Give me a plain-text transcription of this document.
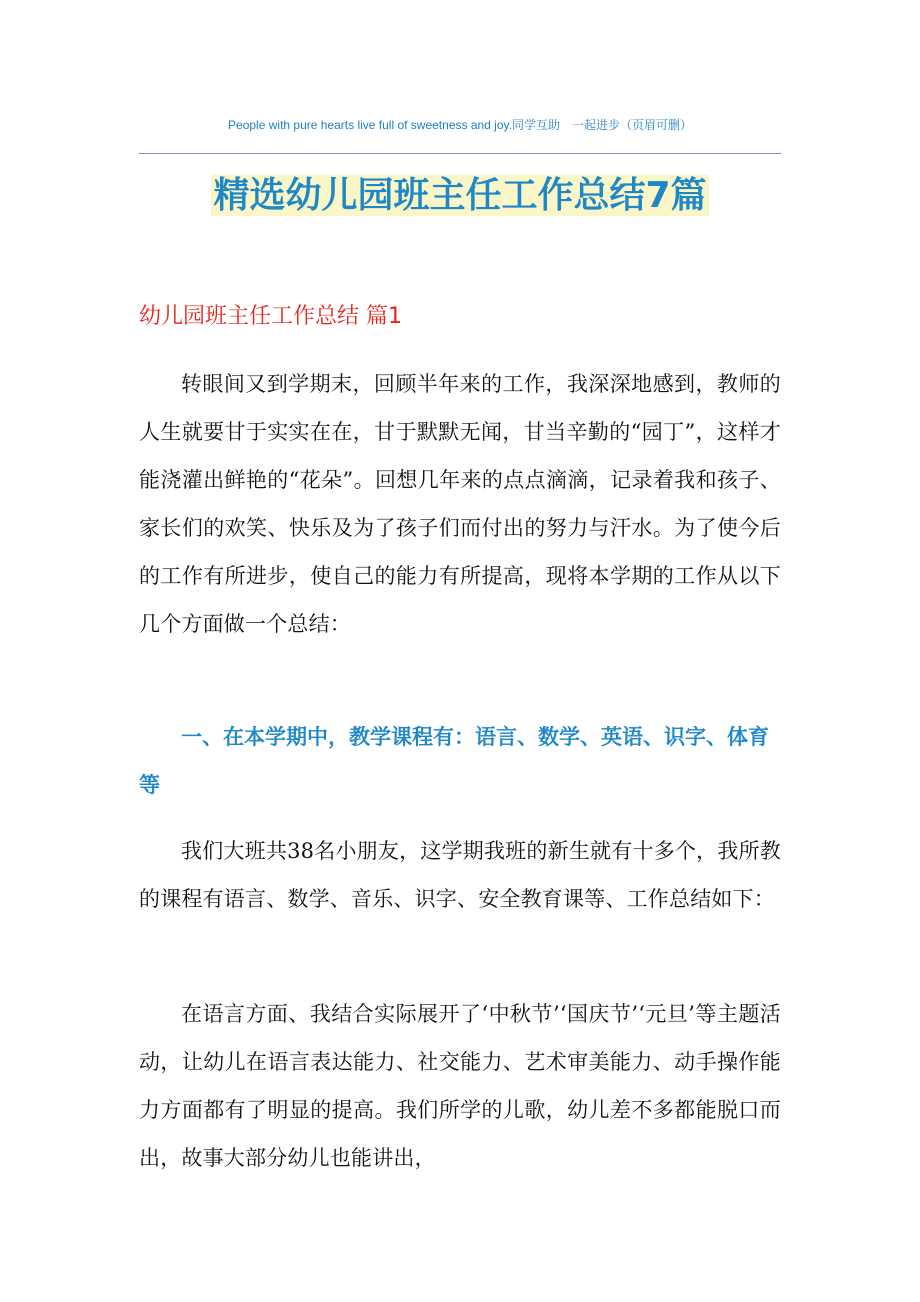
People with pure hearts live full of sweetness and joy.同学互助　一起进步（页眉可删）
精选幼儿园班主任工作总结7篇
幼儿园班主任工作总结 篇1

转眼间又到学期末，回顾半年来的工作，我深深地感到，教师的人生就要甘于实实在在，甘于默默无闻，甘当辛勤的“园丁”，这样才能浇灌出鲜艳的“花朵”。回想几年来的点点滴滴，记录着我和孩子、家长们的欢笑、快乐及为了孩子们而付出的努力与汗水。为了使今后的工作有所进步，使自己的能力有所提高，现将本学期的工作从以下几个方面做一个总结：

一、在本学期中，教学课程有：语言、数学、英语、识字、体育等

我们大班共38名小朋友，这学期我班的新生就有十多个，我所教的课程有语言、数学、音乐、识字、安全教育课等、工作总结如下：

在语言方面、我结合实际展开了‘中秋节’‘国庆节’‘元旦’等主题活动，让幼儿在语言表达能力、社交能力、艺术审美能力、动手操作能力方面都有了明显的提高。我们所学的儿歌，幼儿差不多都能脱口而出，故事大部分幼儿也能讲出，
